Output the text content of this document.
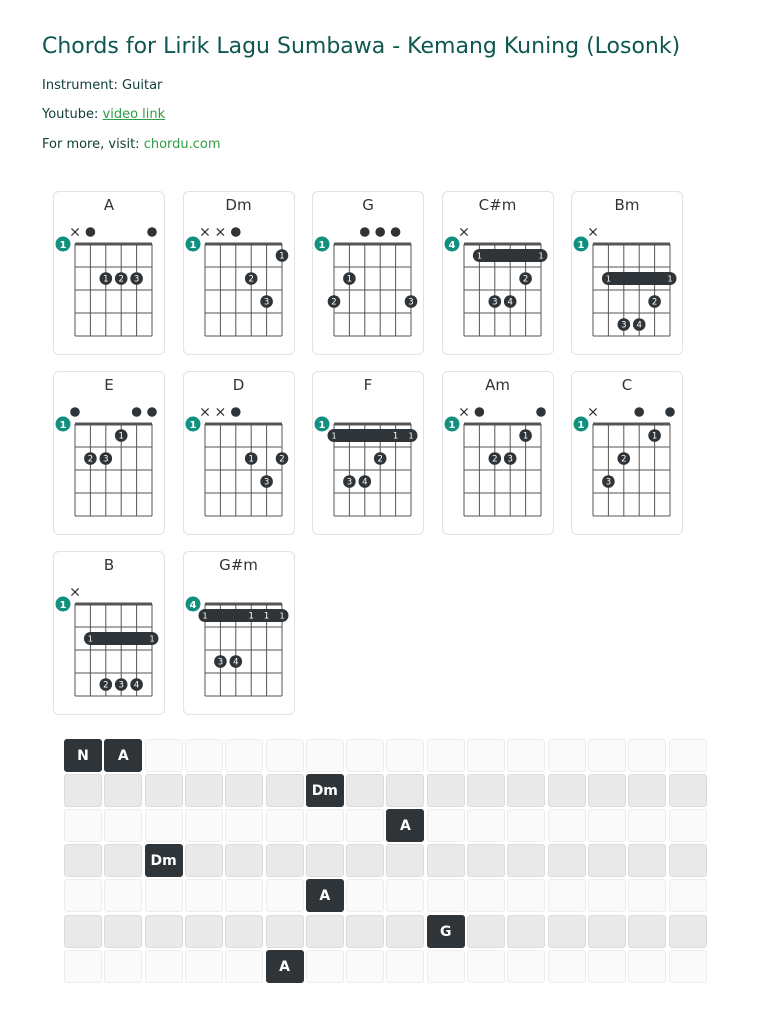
Chords for Lirik Lagu Sumbawa - Kemang Kuning (Losonk)
Instrument: Guitar
Youtube: video link
For more, visit: chordu.com
A
1
1 2 3
Dm
1
1
2
3
G
1
1
2	3
C#m
4
1	1
2
3 4
Bm
1
1	1
2
3 4
E
1
1
2 3
D
1
1	2
3
F
1
1	1
1
2
3 4
Am
1
1
2 3
C
1
1
2
3
B
1
1	1
2 3 4
G#m
4
1	1
1 1
3 4
N	A
Dm
A
Dm
A
G
A
